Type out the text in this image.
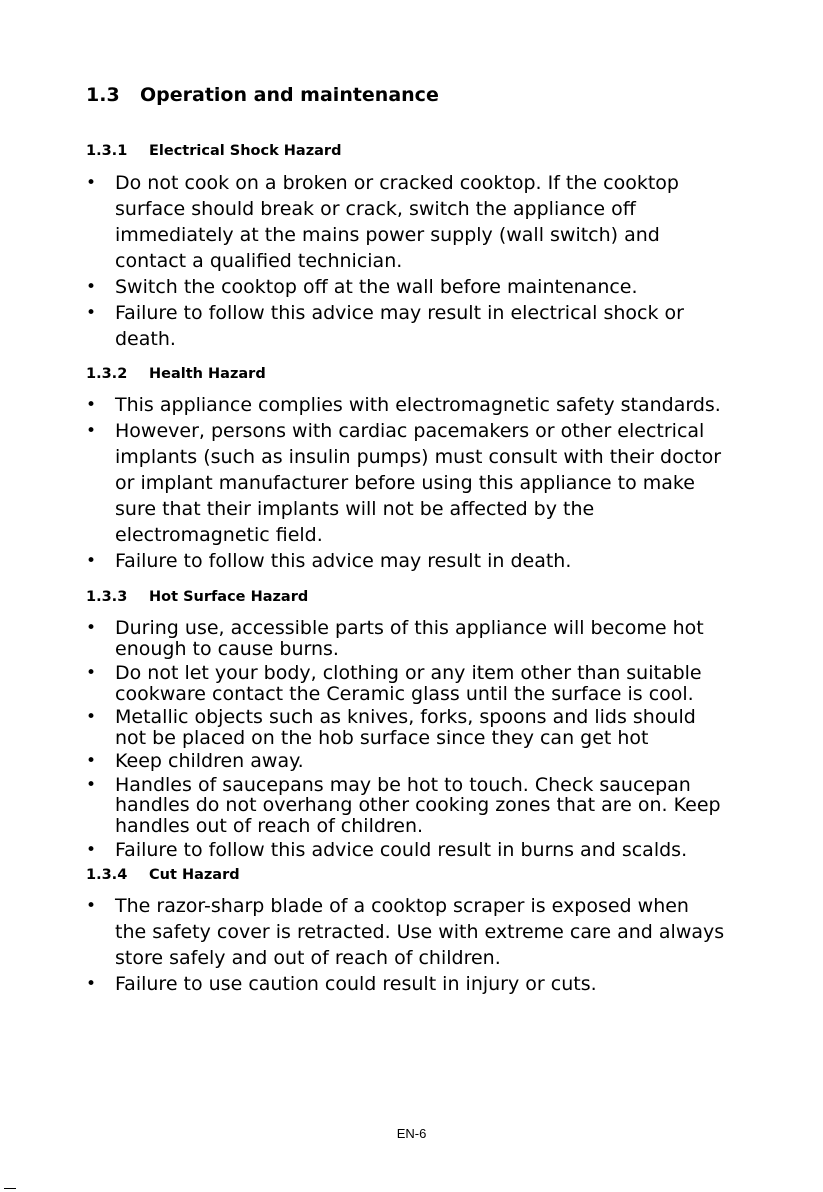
1.3 Operation and maintenance
1.3.1 Electrical Shock Hazard
• Do not cook on a broken or cracked cooktop. If the cooktop
surface should break or crack, switch the appliance off
immediately at the mains power supply (wall switch) and
contact a qualified technician.
• Switch the cooktop off at the wall before maintenance.
• Failure to follow this advice may result in electrical shock or
death.
1.3.2 Health Hazard
• This appliance complies with electromagnetic safety standards.
• However, persons with cardiac pacemakers or other electrical
implants (such as insulin pumps) must consult with their doctor
or implant manufacturer before using this appliance to make
sure that their implants will not be affected by the
electromagnetic field.
• Failure to follow this advice may result in death.
1.3.3 Hot Surface Hazard
• During use, accessible parts of this appliance will become hot
enough to cause burns.
• Do not let your body, clothing or any item other than suitable
cookware contact the Ceramic glass until the surface is cool.
• Metallic objects such as knives, forks, spoons and lids should
not be placed on the hob surface since they can get hot
• Keep children away.
• Handles of saucepans may be hot to touch. Check saucepan
handles do not overhang other cooking zones that are on. Keep
handles out of reach of children.
• Failure to follow this advice could result in burns and scalds.
1.3.4 Cut Hazard
• The razor-sharp blade of a cooktop scraper is exposed when
the safety cover is retracted. Use with extreme care and always
store safely and out of reach of children.
• Failure to use caution could result in injury or cuts.
EN-6
